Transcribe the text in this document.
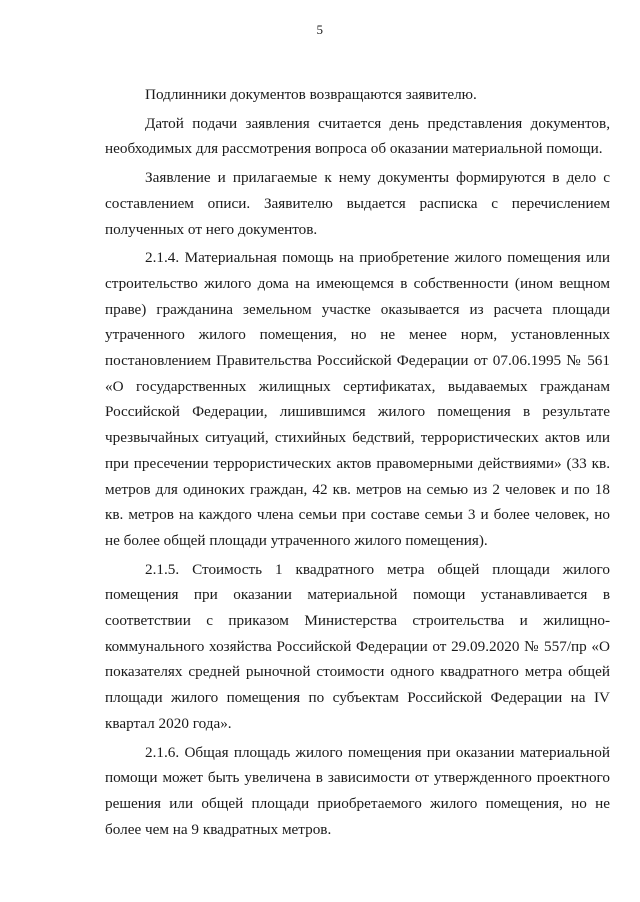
5

Подлинники документов возвращаются заявителю.

Датой подачи заявления считается день представления документов, необходимых для рассмотрения вопроса об оказании материальной помощи.

Заявление и прилагаемые к нему документы формируются в дело с составлением описи. Заявителю выдается расписка с перечислением полученных от него документов.

2.1.4. Материальная помощь на приобретение жилого помещения или строительство жилого дома на имеющемся в собственности (ином вещном праве) гражданина земельном участке оказывается из расчета площади утраченного жилого помещения, но не менее норм, установленных постановлением Правительства Российской Федерации от 07.06.1995 № 561 «О государственных жилищных сертификатах, выдаваемых гражданам Российской Федерации, лишившимся жилого помещения в результате чрезвычайных ситуаций, стихийных бедствий, террористических актов или при пресечении террористических актов правомерными действиями» (33 кв. метров для одиноких граждан, 42 кв. метров на семью из 2 человек и по 18 кв. метров на каждого члена семьи при составе семьи 3 и более человек, но не более общей площади утраченного жилого помещения).

2.1.5. Стоимость 1 квадратного метра общей площади жилого помещения при оказании материальной помощи устанавливается в соответствии с приказом Министерства строительства и жилищно-коммунального хозяйства Российской Федерации от 29.09.2020 № 557/пр «О показателях средней рыночной стоимости одного квадратного метра общей площади жилого помещения по субъектам Российской Федерации на IV квартал 2020 года».

2.1.6. Общая площадь жилого помещения при оказании материальной помощи может быть увеличена в зависимости от утвержденного проектного решения или общей площади приобретаемого жилого помещения, но не более чем на 9 квадратных метров.
